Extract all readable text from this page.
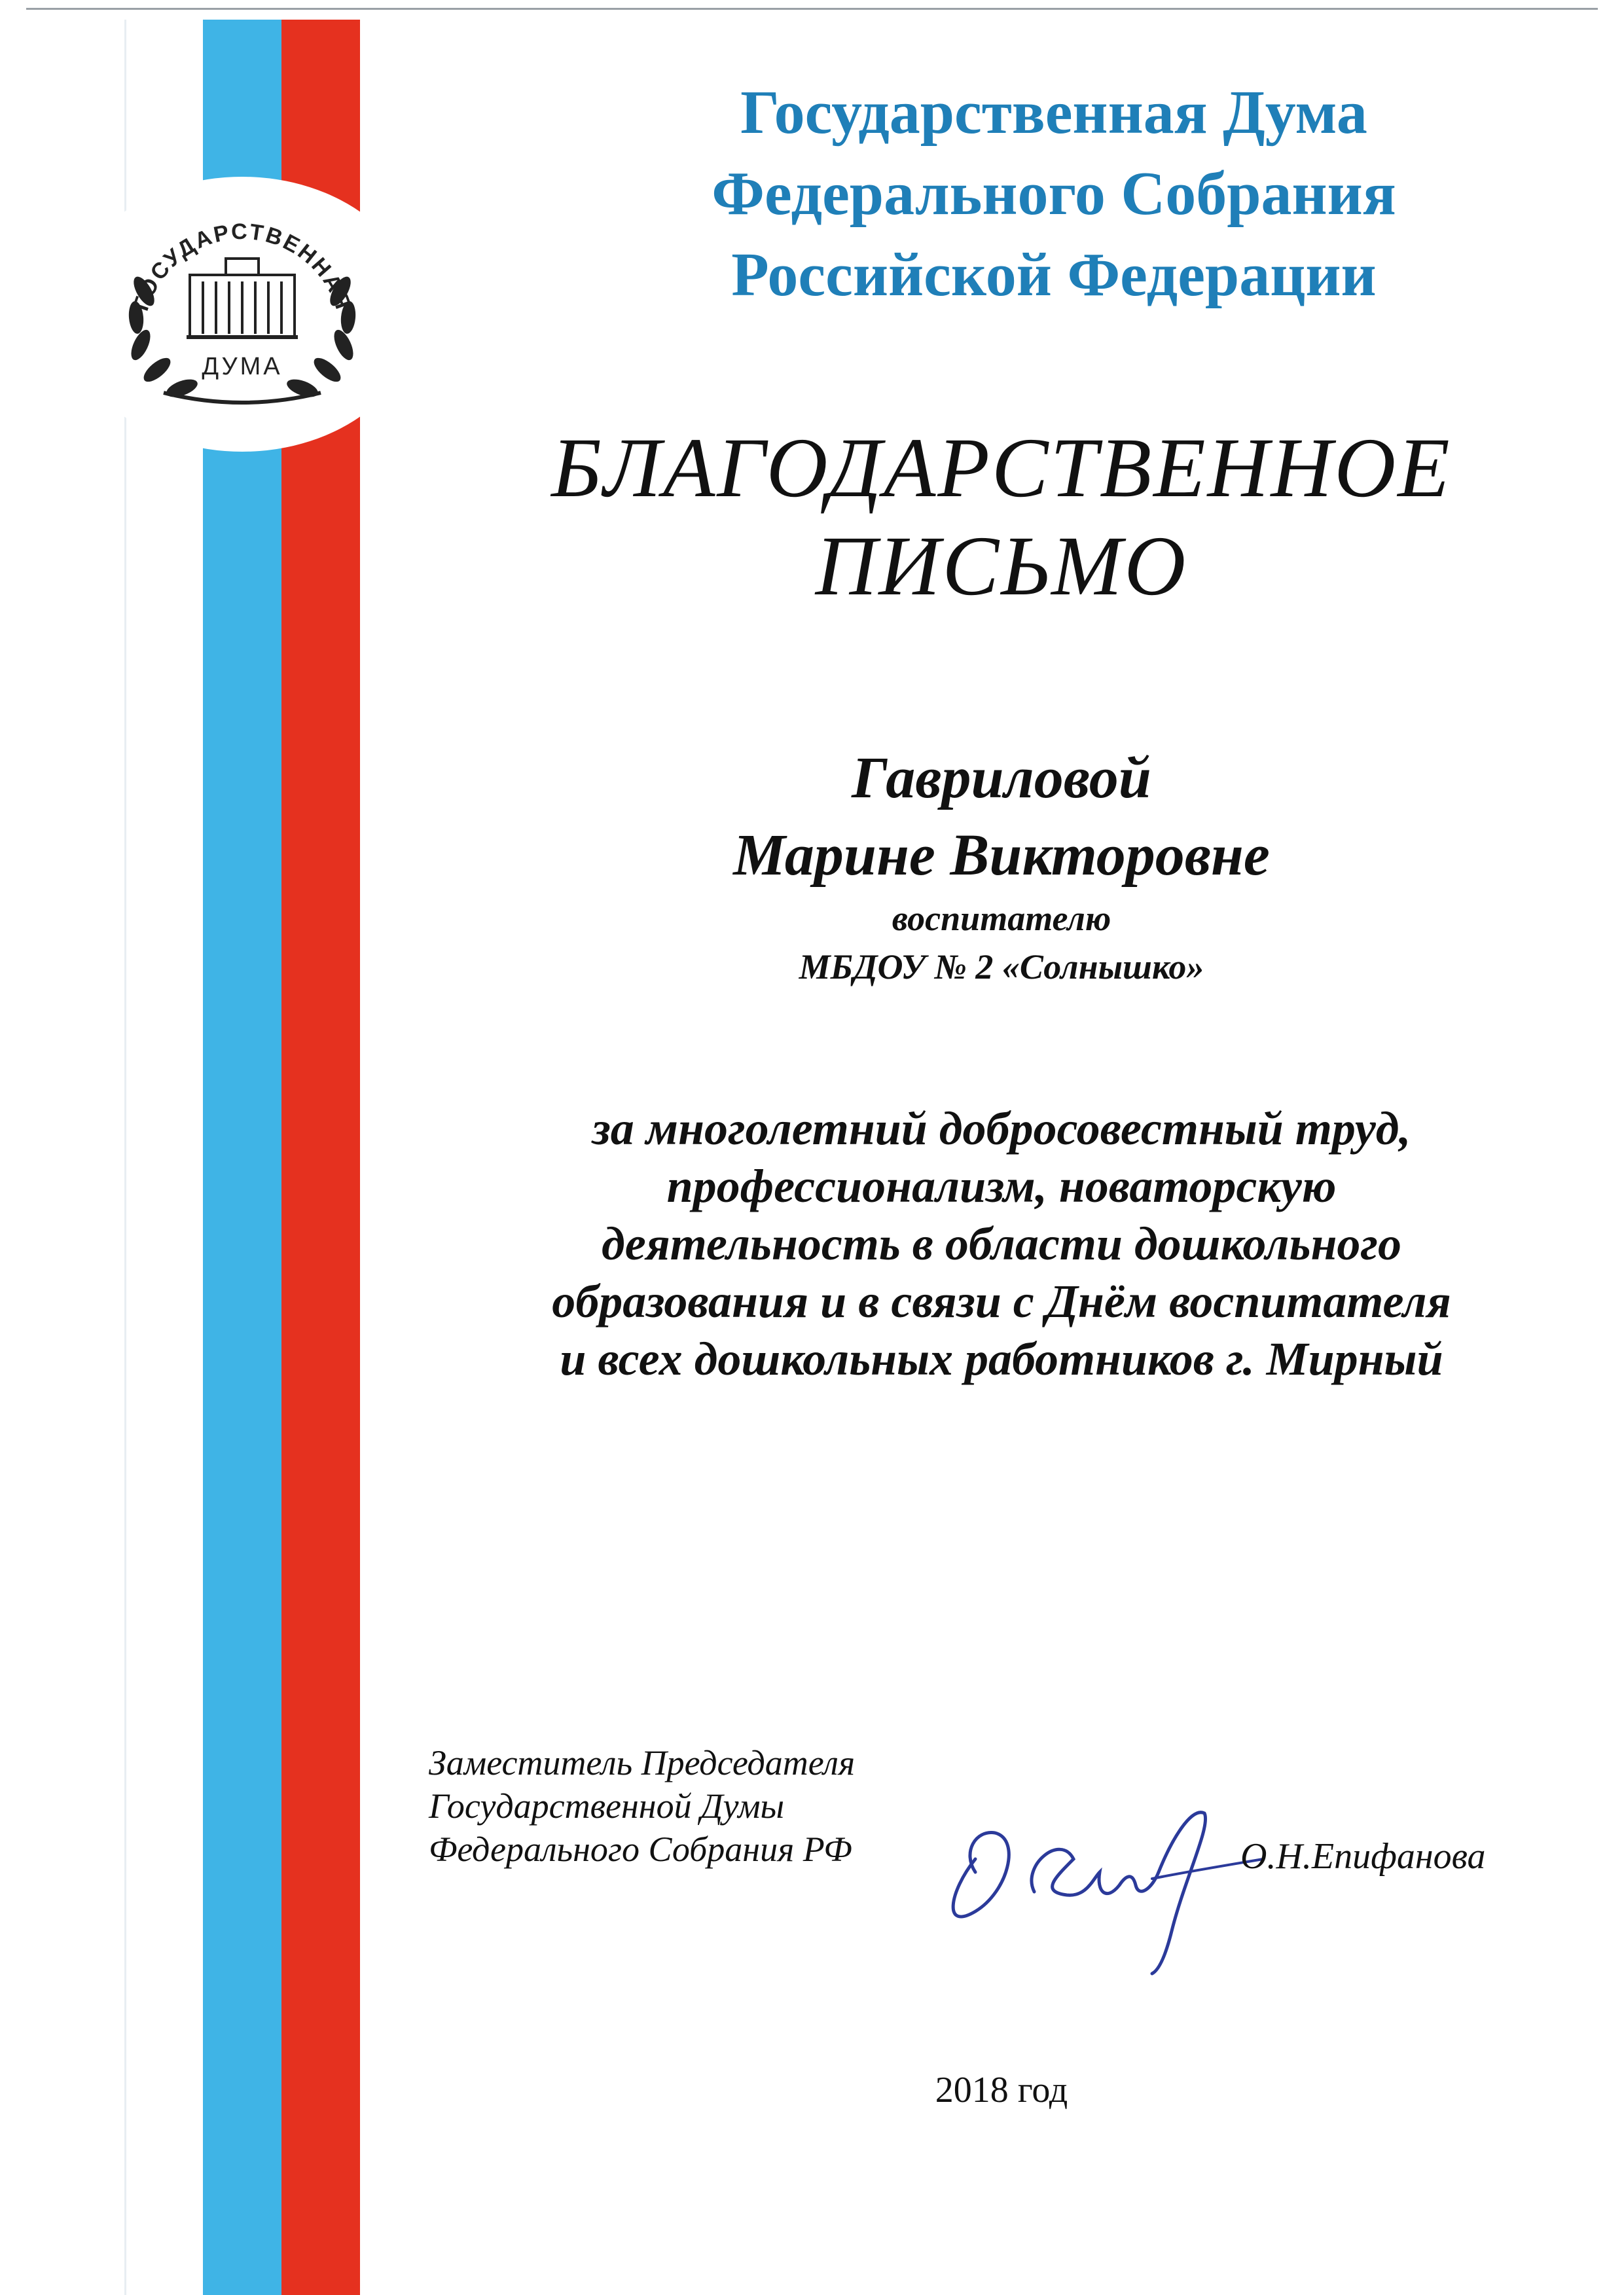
ГОСУДАРСТВЕННАЯ
ДУМА
Государственная Дума
Федерального Собрания
Российской Федерации
БЛАГОДАРСТВЕННОЕ
ПИСЬМО
Гавриловой
Марине Викторовне
воспитателю
МБДОУ № 2 «Солнышко»
за многолетний добросовестный труд,
профессионализм, новаторскую
деятельность в области дошкольного
образования и в связи с Днём воспитателя
и всех дошкольных работников г. Мирный
Заместитель Председателя
Государственной Думы
Федерального Собрания РФ	О.Н.Епифанова
2018 год
